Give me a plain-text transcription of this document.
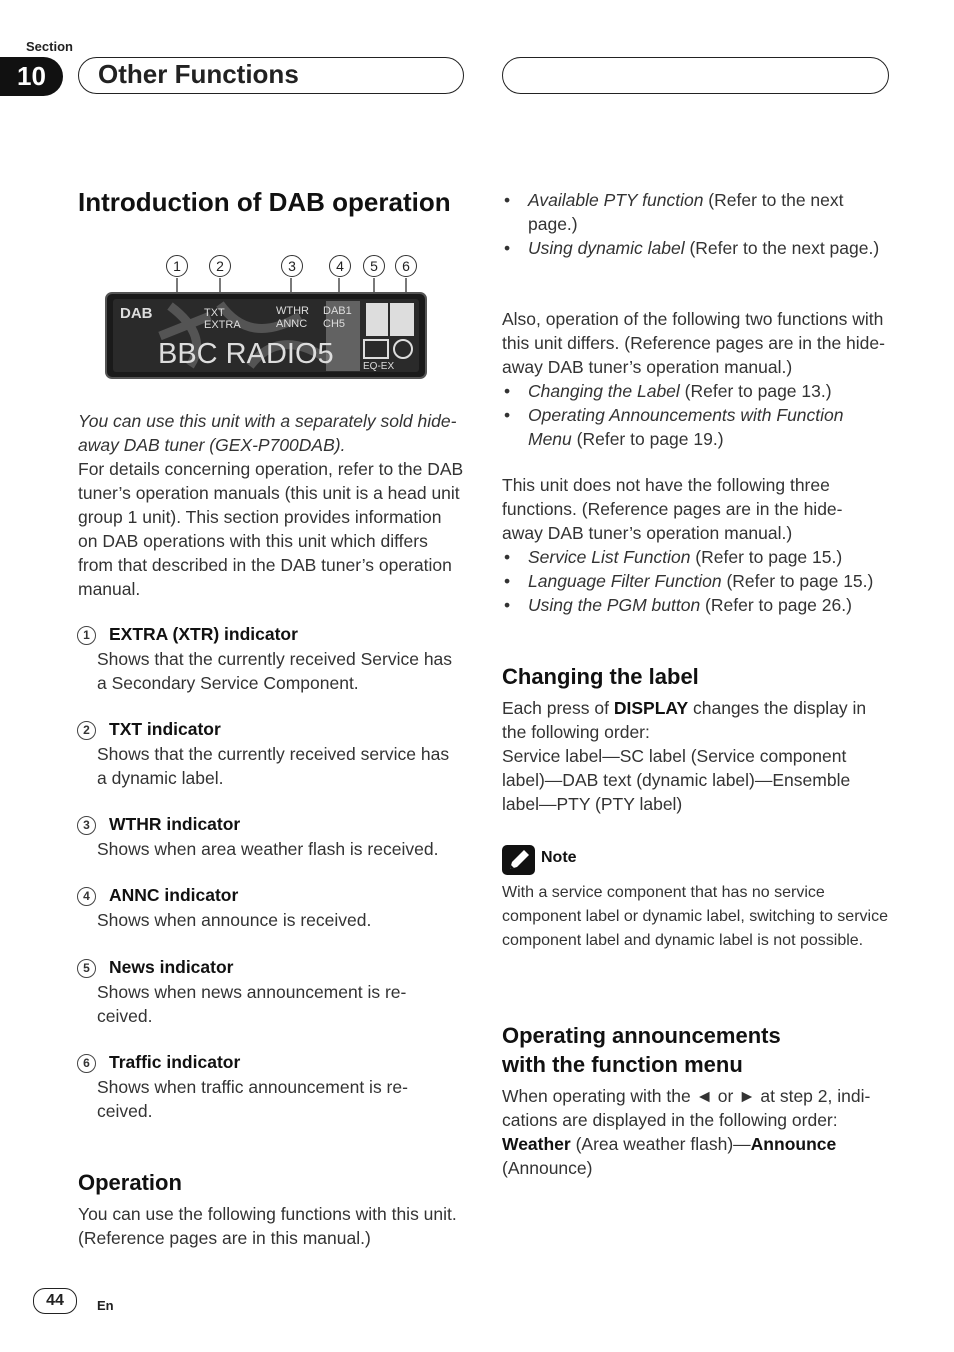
Section
10	Other Functions
Introduction of DAB operation
1	2	3	4	5	6
DAB	TXT
EXTRA
WTHR
ANNC
DAB1
CH5
BBC RADIO5	EQ-EX

You can use this unit with a separately sold hide-away DAB tuner (GEX-P700DAB).

For details concerning operation, refer to the DAB tuner’s operation manuals (this unit is a head unit group 1 unit). This section provides information on DAB operations with this unit which differs from that described in the DAB tuner’s operation manual.

1	EXTRA (XTR) indicator

Shows that the currently received Service has a Secondary Service Component.

2	TXT indicator

Shows that the currently received service has a dynamic label.

3	WTHR indicator

Shows when area weather flash is received.

4	ANNC indicator

Shows when announce is received.

5	News indicator

Shows when news announcement is re-ceived.

6	Traffic indicator

Shows when traffic announcement is re-ceived.

Operation

You can use the following functions with this unit. (Reference pages are in this manual.)

• Available PTY function (Refer to the next page.)
• Using dynamic label (Refer to the next page.)

Also, operation of the following two functions with this unit differs. (Reference pages are in the hide-away DAB tuner’s operation manual.)

• Changing the Label (Refer to page 13.)
• Operating Announcements with Function Menu (Refer to page 19.)

This unit does not have the following three functions. (Reference pages are in the hide-away DAB tuner’s operation manual.)

• Service List Function (Refer to page 15.)
• Language Filter Function (Refer to page 15.)
• Using the PGM button (Refer to page 26.)
Changing the label

Each press of DISPLAY changes the display in the following order:

Service label—SC label (Service component label)—DAB text (dynamic label)—Ensemble label—PTY (PTY label)

Note

With a service component that has no service component label or dynamic label, switching to service component label and dynamic label is not possible.

Operating announcements
with the function menu

When operating with the ◄ or ► at step 2, indi-cations are displayed in the following order:
Weather (Area weather flash)—Announce
(Announce)

44	En
